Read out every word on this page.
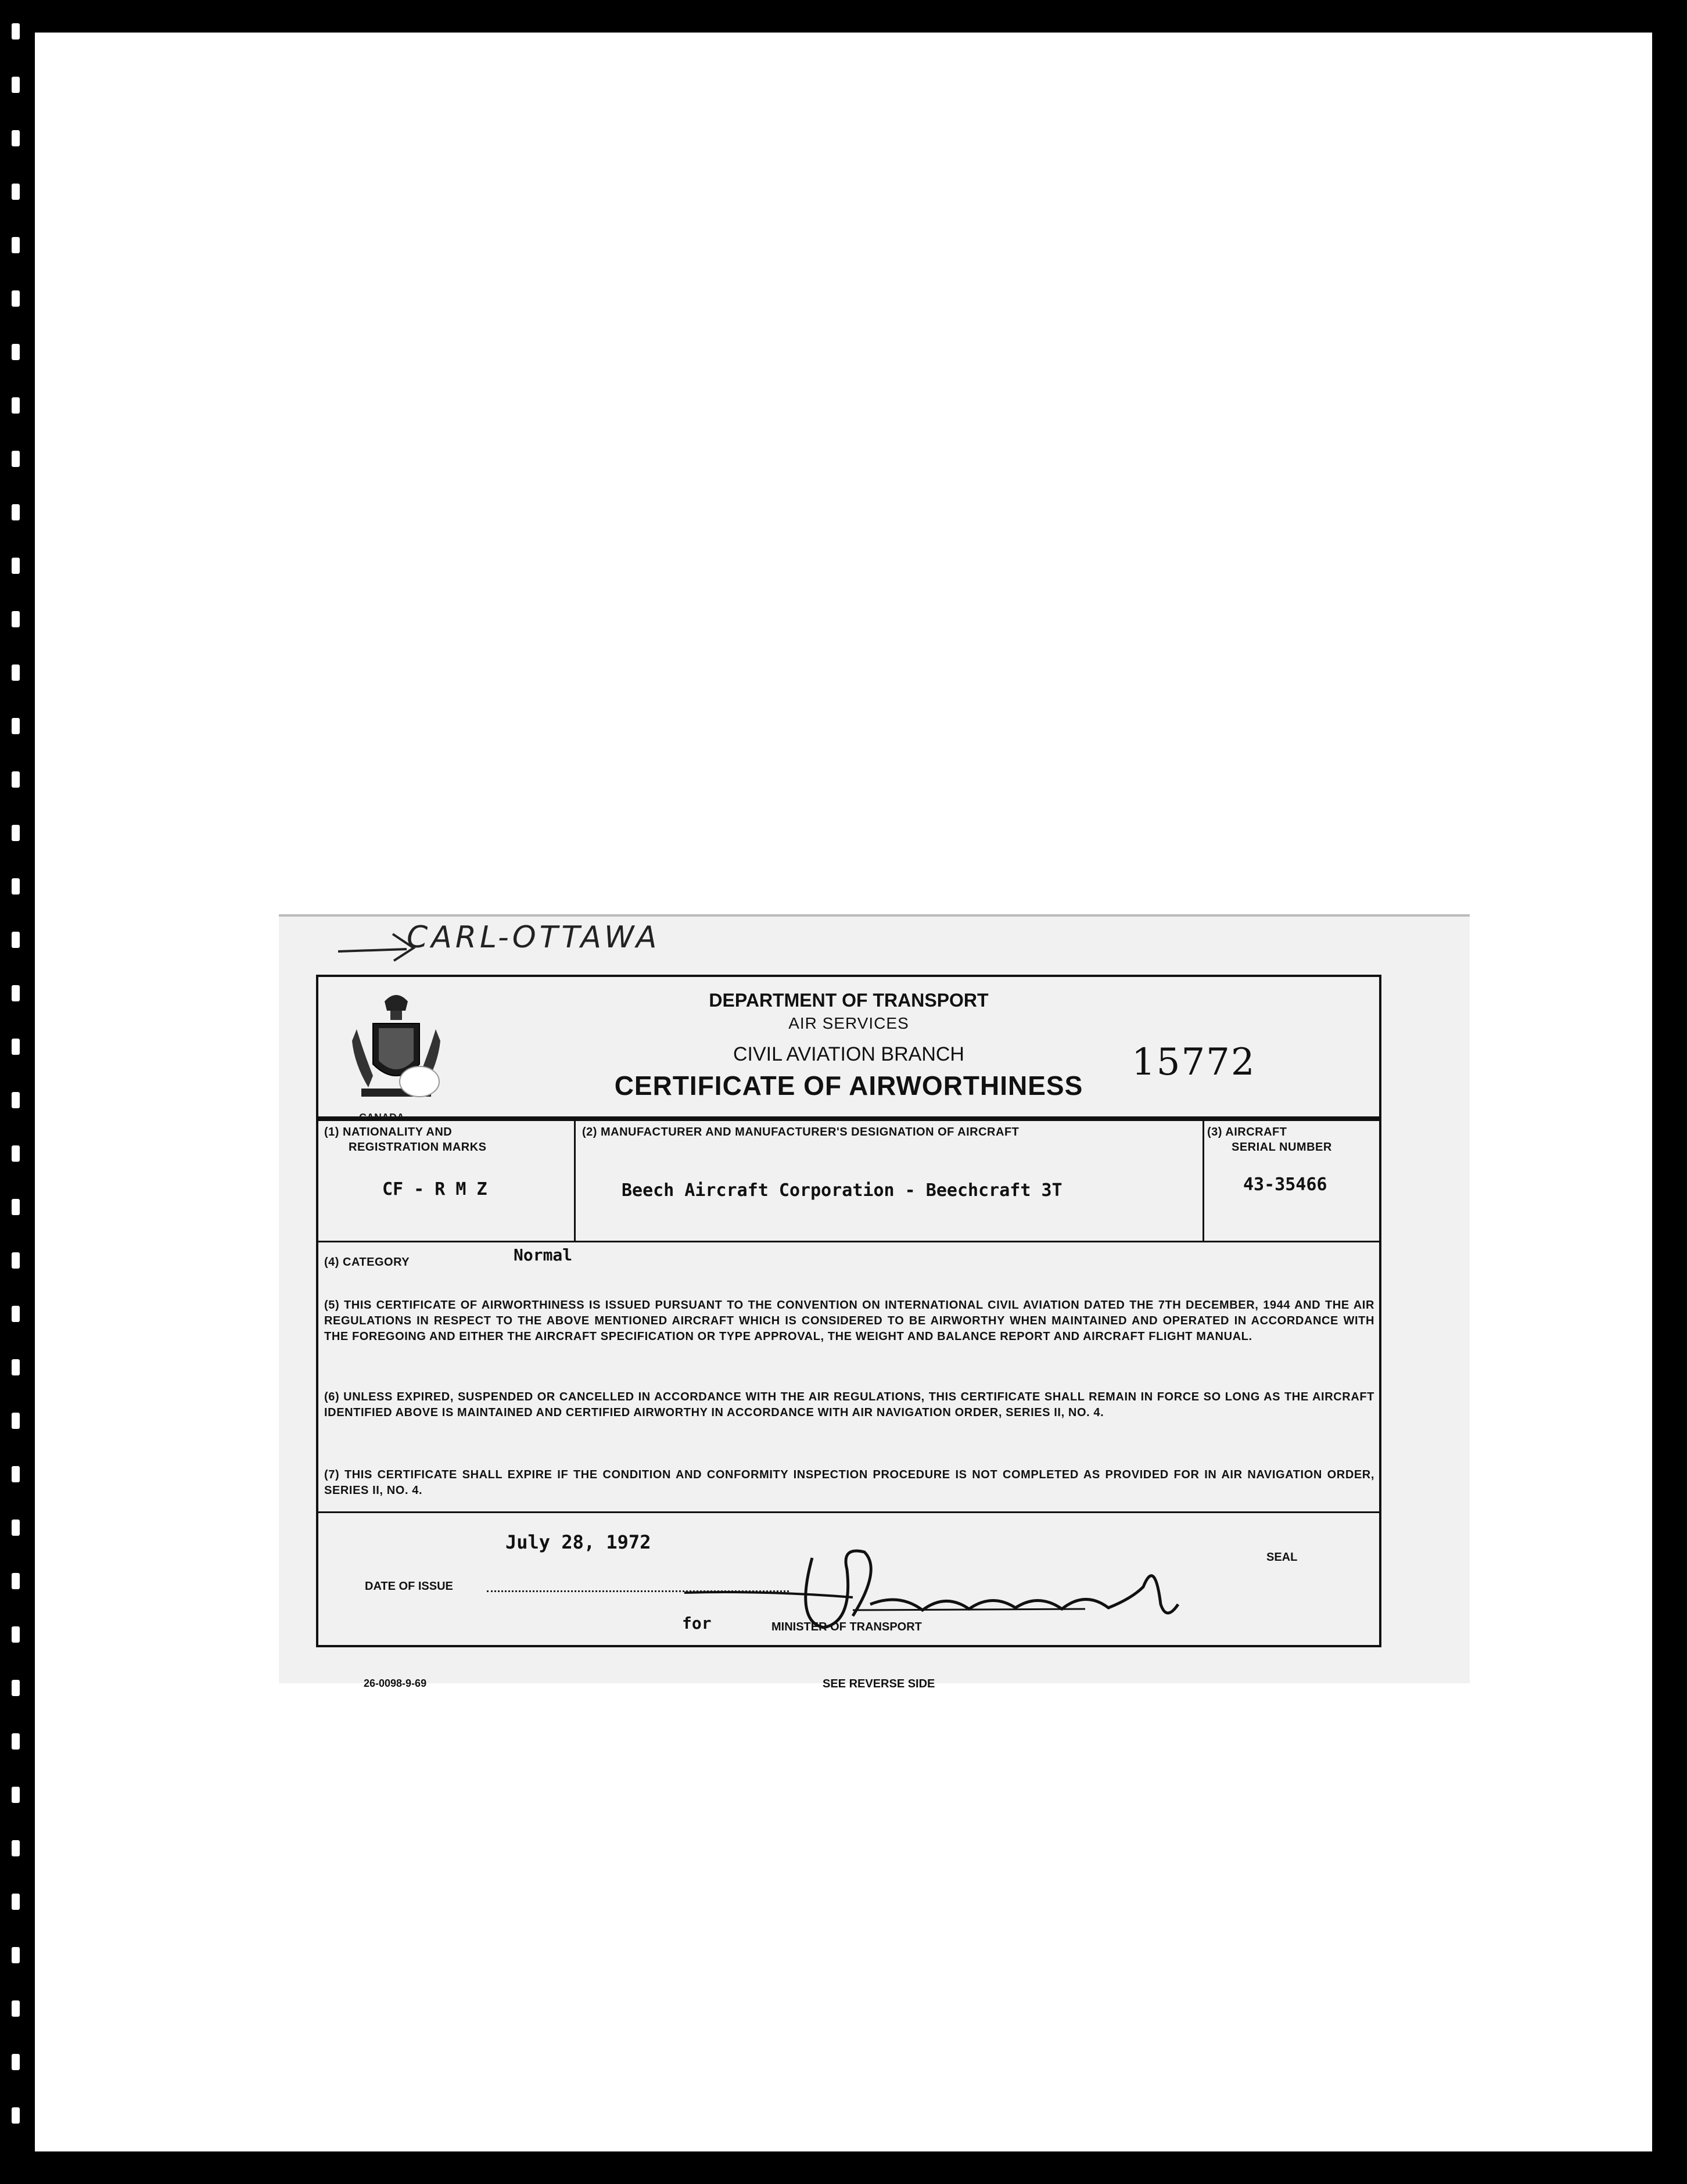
CARL-OTTAWA
DEPARTMENT OF TRANSPORT
AIR SERVICES
CIVIL AVIATION BRANCH
CERTIFICATE OF AIRWORTHINESS
15772
(1) NATIONALITY AND
REGISTRATION MARKS
CF - R M Z
(2) MANUFACTURER AND MANUFACTURER'S DESIGNATION OF AIRCRAFT
Beech Aircraft Corporation - Beechcraft 3T
(3) AIRCRAFT
SERIAL NUMBER
43-35466
(4) CATEGORY	Normal
(5) THIS CERTIFICATE OF AIRWORTHINESS IS ISSUED PURSUANT TO THE CONVENTION ON INTERNATIONAL CIVIL AVIATION DATED THE 7TH DECEMBER, 1944 AND THE AIR REGULATIONS IN RESPECT TO THE ABOVE MENTIONED AIRCRAFT WHICH IS CONSIDERED TO BE AIRWORTHY WHEN MAINTAINED AND OPERATED IN ACCORDANCE WITH THE FOREGOING AND EITHER THE AIRCRAFT SPECIFICATION OR TYPE APPROVAL, THE WEIGHT AND BALANCE REPORT AND AIRCRAFT FLIGHT MANUAL.
(6) UNLESS EXPIRED, SUSPENDED OR CANCELLED IN ACCORDANCE WITH THE AIR REGULATIONS, THIS CERTIFICATE SHALL REMAIN IN FORCE SO LONG AS THE AIRCRAFT IDENTIFIED ABOVE IS MAINTAINED AND CERTIFIED AIRWORTHY IN ACCORDANCE WITH AIR NAVIGATION ORDER, SERIES II, NO. 4.
(7) THIS CERTIFICATE SHALL EXPIRE IF THE CONDITION AND CONFORMITY INSPECTION PROCEDURE IS NOT COMPLETED AS PROVIDED FOR IN AIR NAVIGATION ORDER, SERIES II, NO. 4.
July 28, 1972
DATE OF ISSUE
SEAL
for	MINISTER OF TRANSPORT
26-0098-9-69	SEE REVERSE SIDE
